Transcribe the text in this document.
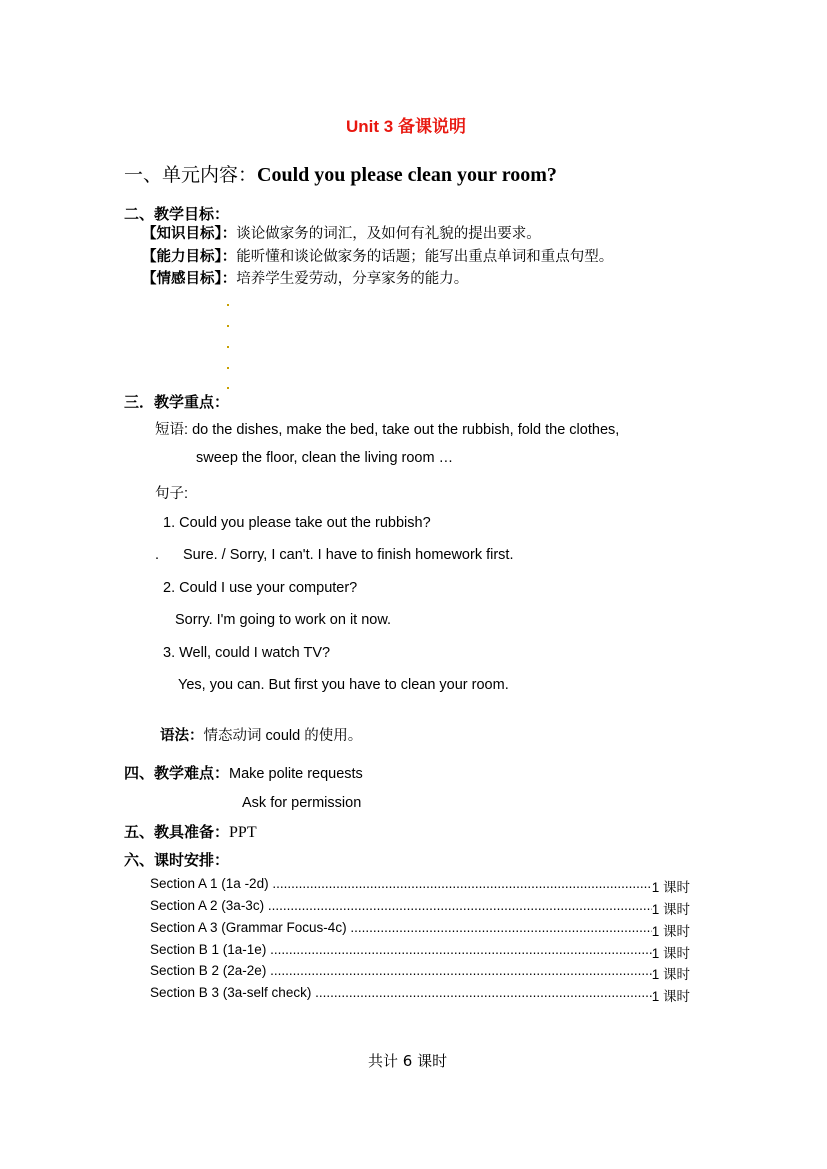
Unit 3 备课说明
一、单元内容：Could you please clean your room?
二、教学目标：
【知识目标】：谈论做家务的词汇，及如何有礼貌的提出要求。
【能力目标】：能听懂和谈论做家务的话题；能写出重点单词和重点句型。
【情感目标】：培养学生爱劳动，分享家务的能力。
三．教学重点：
短语: do the dishes, make the bed, take out the rubbish, fold the clothes,
sweep the floor, clean the living room …
句子:
1. Could you please take out the rubbish?
. Sure. / Sorry, I can't. I have to finish homework first.
2. Could I use your computer?
Sorry. I'm going to work on it now.
3. Well, could I watch TV?
Yes, you can. But first you have to clean your room.
语法：情态动词 could 的使用。
四、教学难点：Make polite requests
Ask for permission
五、教具准备：PPT
六、课时安排：
Section A 1 (1a -2d) .....	1 课时
Section A 2 (3a-3c) .....	1 课时
Section A 3 (Grammar Focus-4c) .....	1 课时
Section B 1 (1a-1e) .....	1 课时
Section B 2 (2a-2e) .....	1 课时
Section B 3 (3a-self check) .....	1 课时
共计 6 课时
